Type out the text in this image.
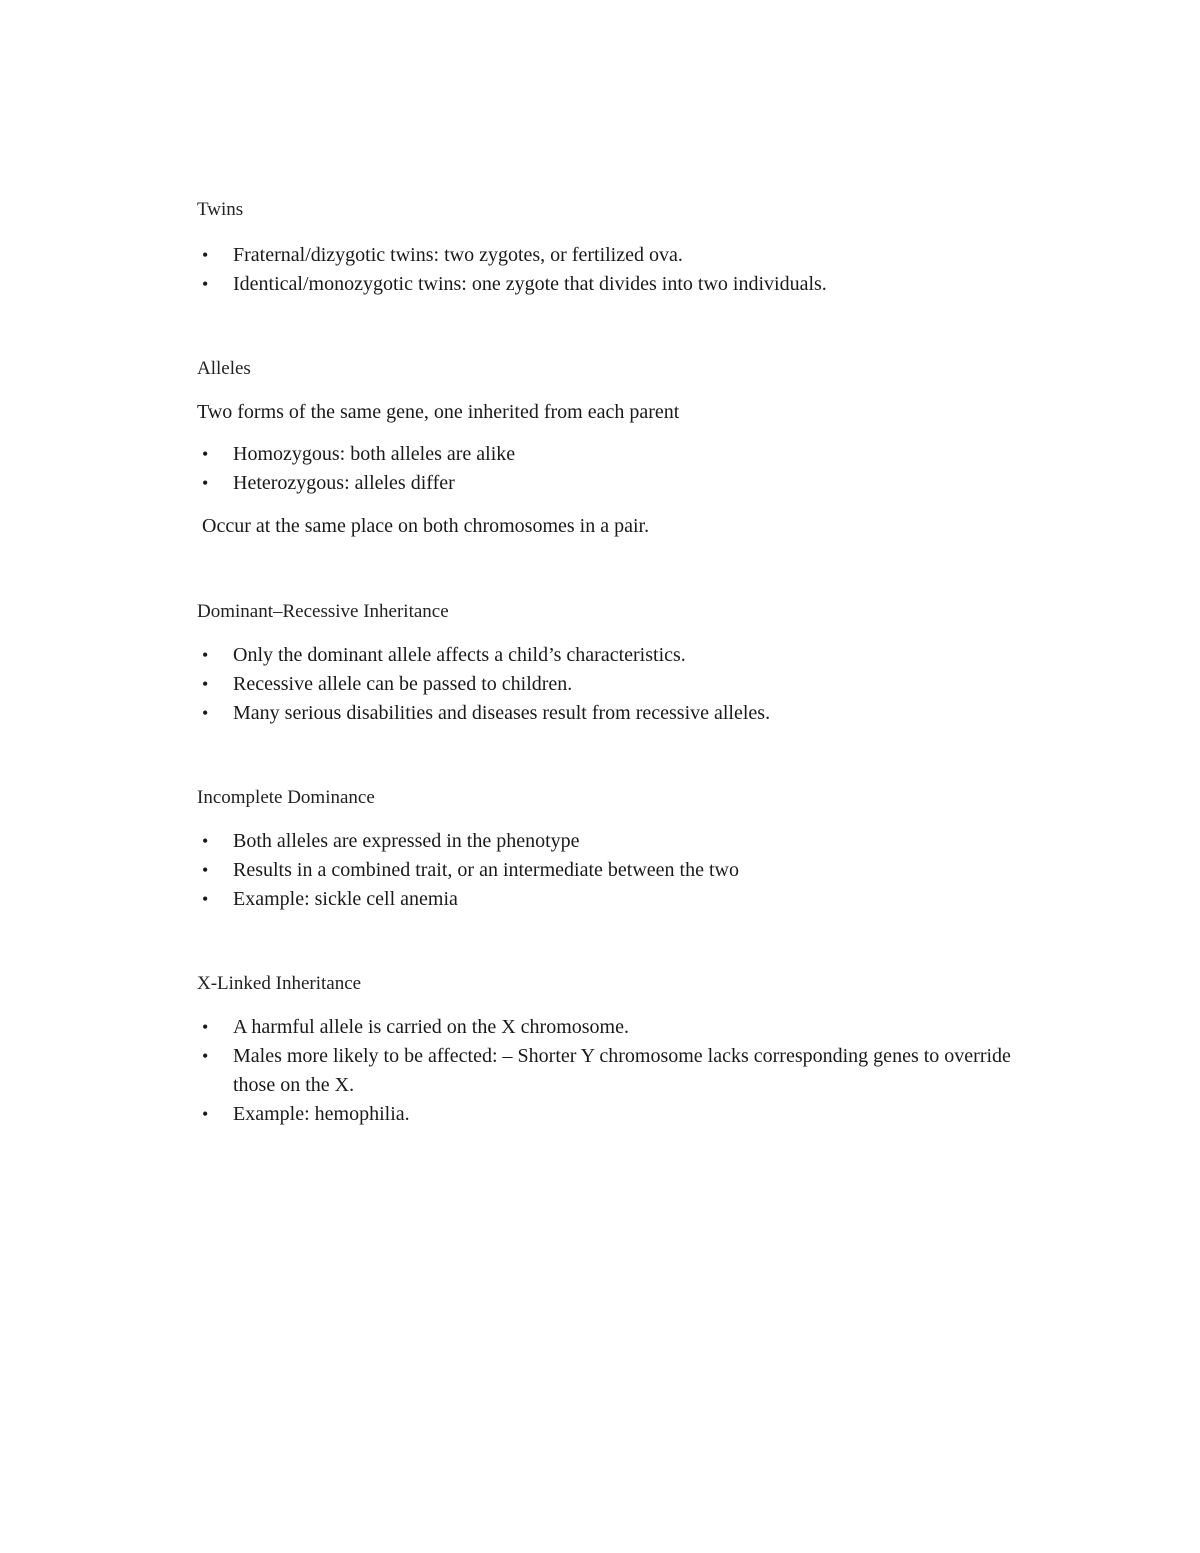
Twins
• Fraternal/dizygotic twins: two zygotes, or fertilized ova.
• Identical/monozygotic twins: one zygote that divides into two individuals.
Alleles

Two forms of the same gene, one inherited from each parent

• Homozygous: both alleles are alike
• Heterozygous: alleles differ

Occur at the same place on both chromosomes in a pair.

Dominant–Recessive Inheritance
• Only the dominant allele affects a child’s characteristics.
• Recessive allele can be passed to children.
• Many serious disabilities and diseases result from recessive alleles.
Incomplete Dominance
• Both alleles are expressed in the phenotype
• Results in a combined trait, or an intermediate between the two
• Example: sickle cell anemia
X-Linked Inheritance
• A harmful allele is carried on the X chromosome.
• Males more likely to be affected: – Shorter Y chromosome lacks corresponding genes to override those on the X.
• Example: hemophilia.
